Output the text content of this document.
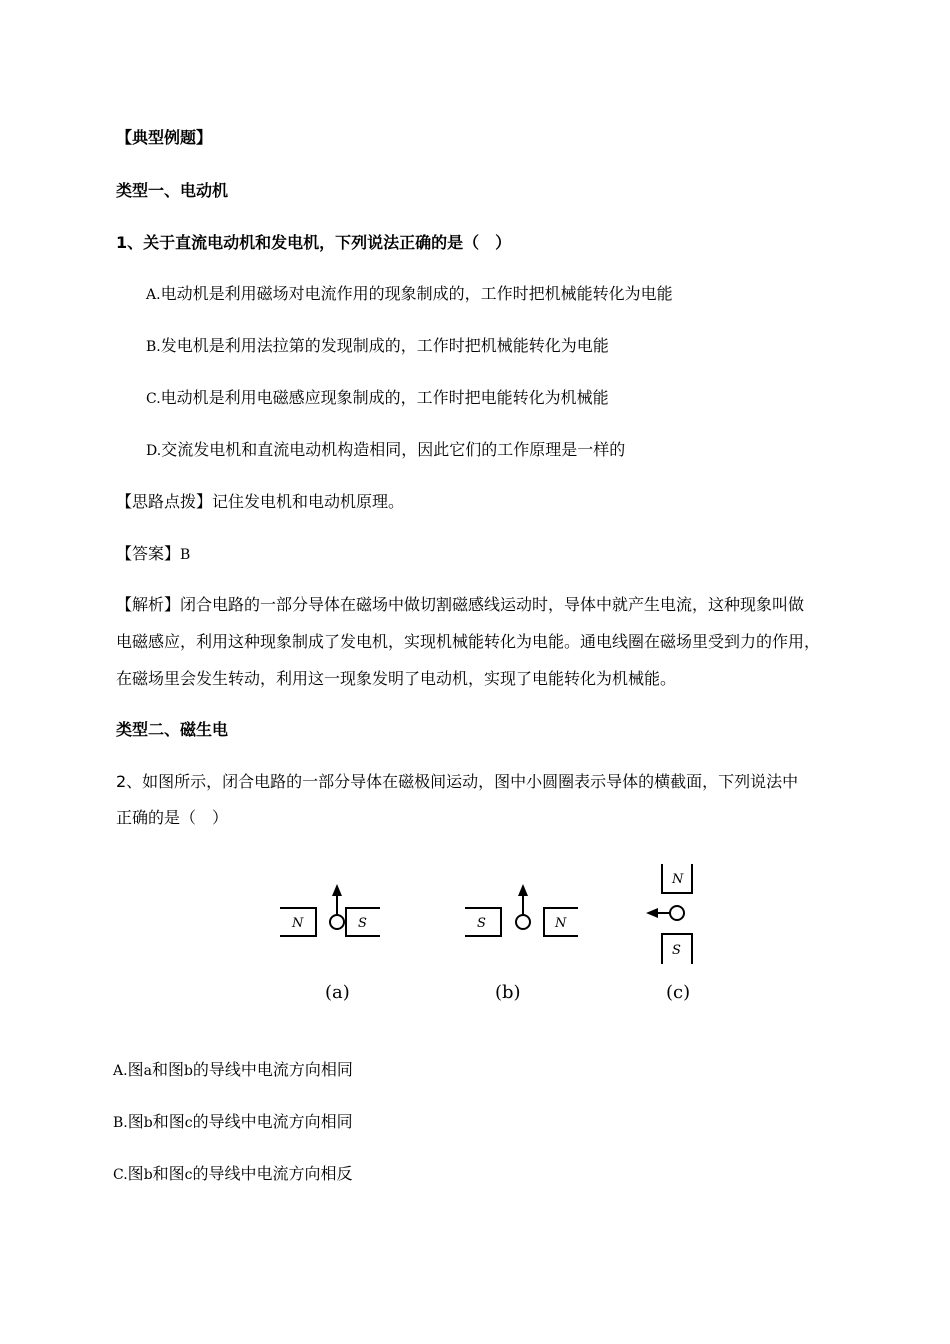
【典型例题】
类型一、电动机
1、关于直流电动机和发电机，下列说法正确的是（　）
A.电动机是利用磁场对电流作用的现象制成的，工作时把机械能转化为电能
B.发电机是利用法拉第的发现制成的，工作时把机械能转化为电能
C.电动机是利用电磁感应现象制成的，工作时把电能转化为机械能
D.交流发电机和直流电动机构造相同，因此它们的工作原理是一样的
【思路点拨】记住发电机和电动机原理。
【答案】B
【解析】闭合电路的一部分导体在磁场中做切割磁感线运动时，导体中就产生电流，这种现象叫做
电磁感应，利用这种现象制成了发电机，实现机械能转化为电能。通电线圈在磁场里受到力的作用，
在磁场里会发生转动，利用这一现象发明了电动机，实现了电能转化为机械能。
类型二、磁生电
2、如图所示，闭合电路的一部分导体在磁极间运动，图中小圆圈表示导体的横截面，下列说法中
正确的是（　）
N	S	S	N
N
S
(a)	(b)	(c)
A.图a和图b的导线中电流方向相同
B.图b和图c的导线中电流方向相同
C.图b和图c的导线中电流方向相反
